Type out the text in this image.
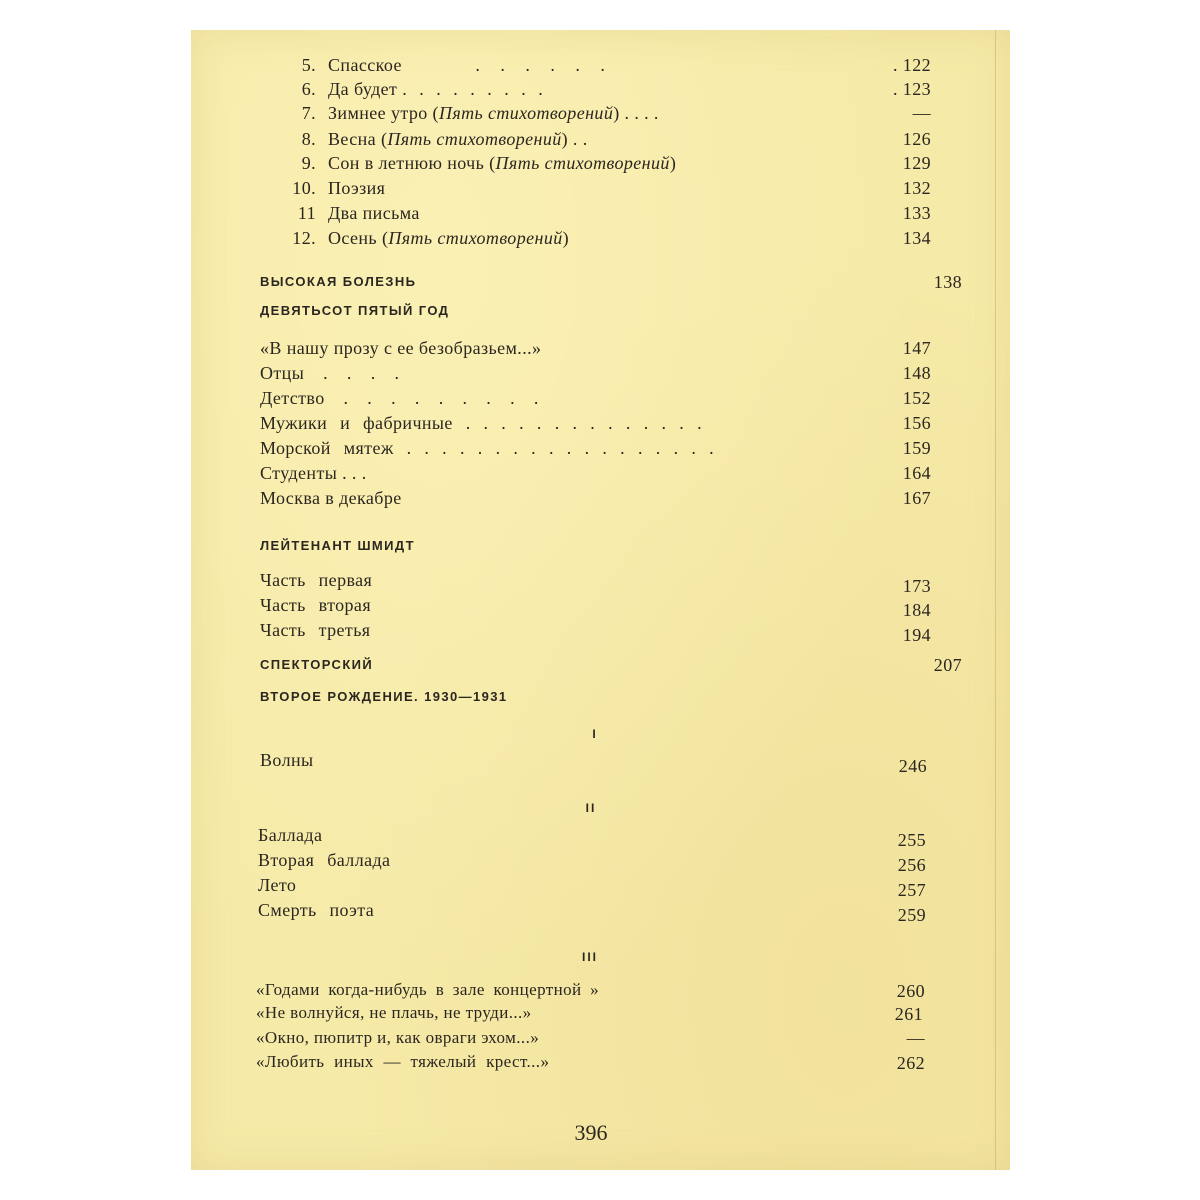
5. Спасское	. . . . . .	. 122
6. Да будет . . . . . . . . .	. 123
7. Зимнее утро (Пять стихотворений) . . . .	—
8. Весна (Пять стихотворений) . .	126
9. Сон в летнюю ночь (Пять стихотворений)	129
10. Поэзия	132
11 Два письма	133
12. Осень (Пять стихотворений)	134
ВЫСОКАЯ БОЛЕЗНЬ	138
ДЕВЯТЬСОТ ПЯТЫЙ ГОД
«В нашу прозу с ее безобразьем...»	147
Отцы . . . .	148
Детство . . . . . . . . .	152
Мужики и фабричные . . . . . . . . . . . . . .	156
Морской мятеж . . . . . . . . . . . . . . . . . .	159
Студенты . . .	164
Москва в декабре	167
ЛЕЙТЕНАНТ ШМИДТ
Часть первая	173
Часть вторая	184
Часть третья	194
СПЕКТОРСКИЙ	207
ВТОРОЕ РОЖДЕНИЕ. 1930—1931
I
Волны	246
II
Баллада	255
Вторая баллада	256
Лето	257
Смерть поэта	259
III
«Годами когда-нибудь в зале концертной »	260
«Не волнуйся, не плачь, не труди...»	261
«Окно, пюпитр и, как овраги эхом...»	—
«Любить иных — тяжелый крест...»	262
396
